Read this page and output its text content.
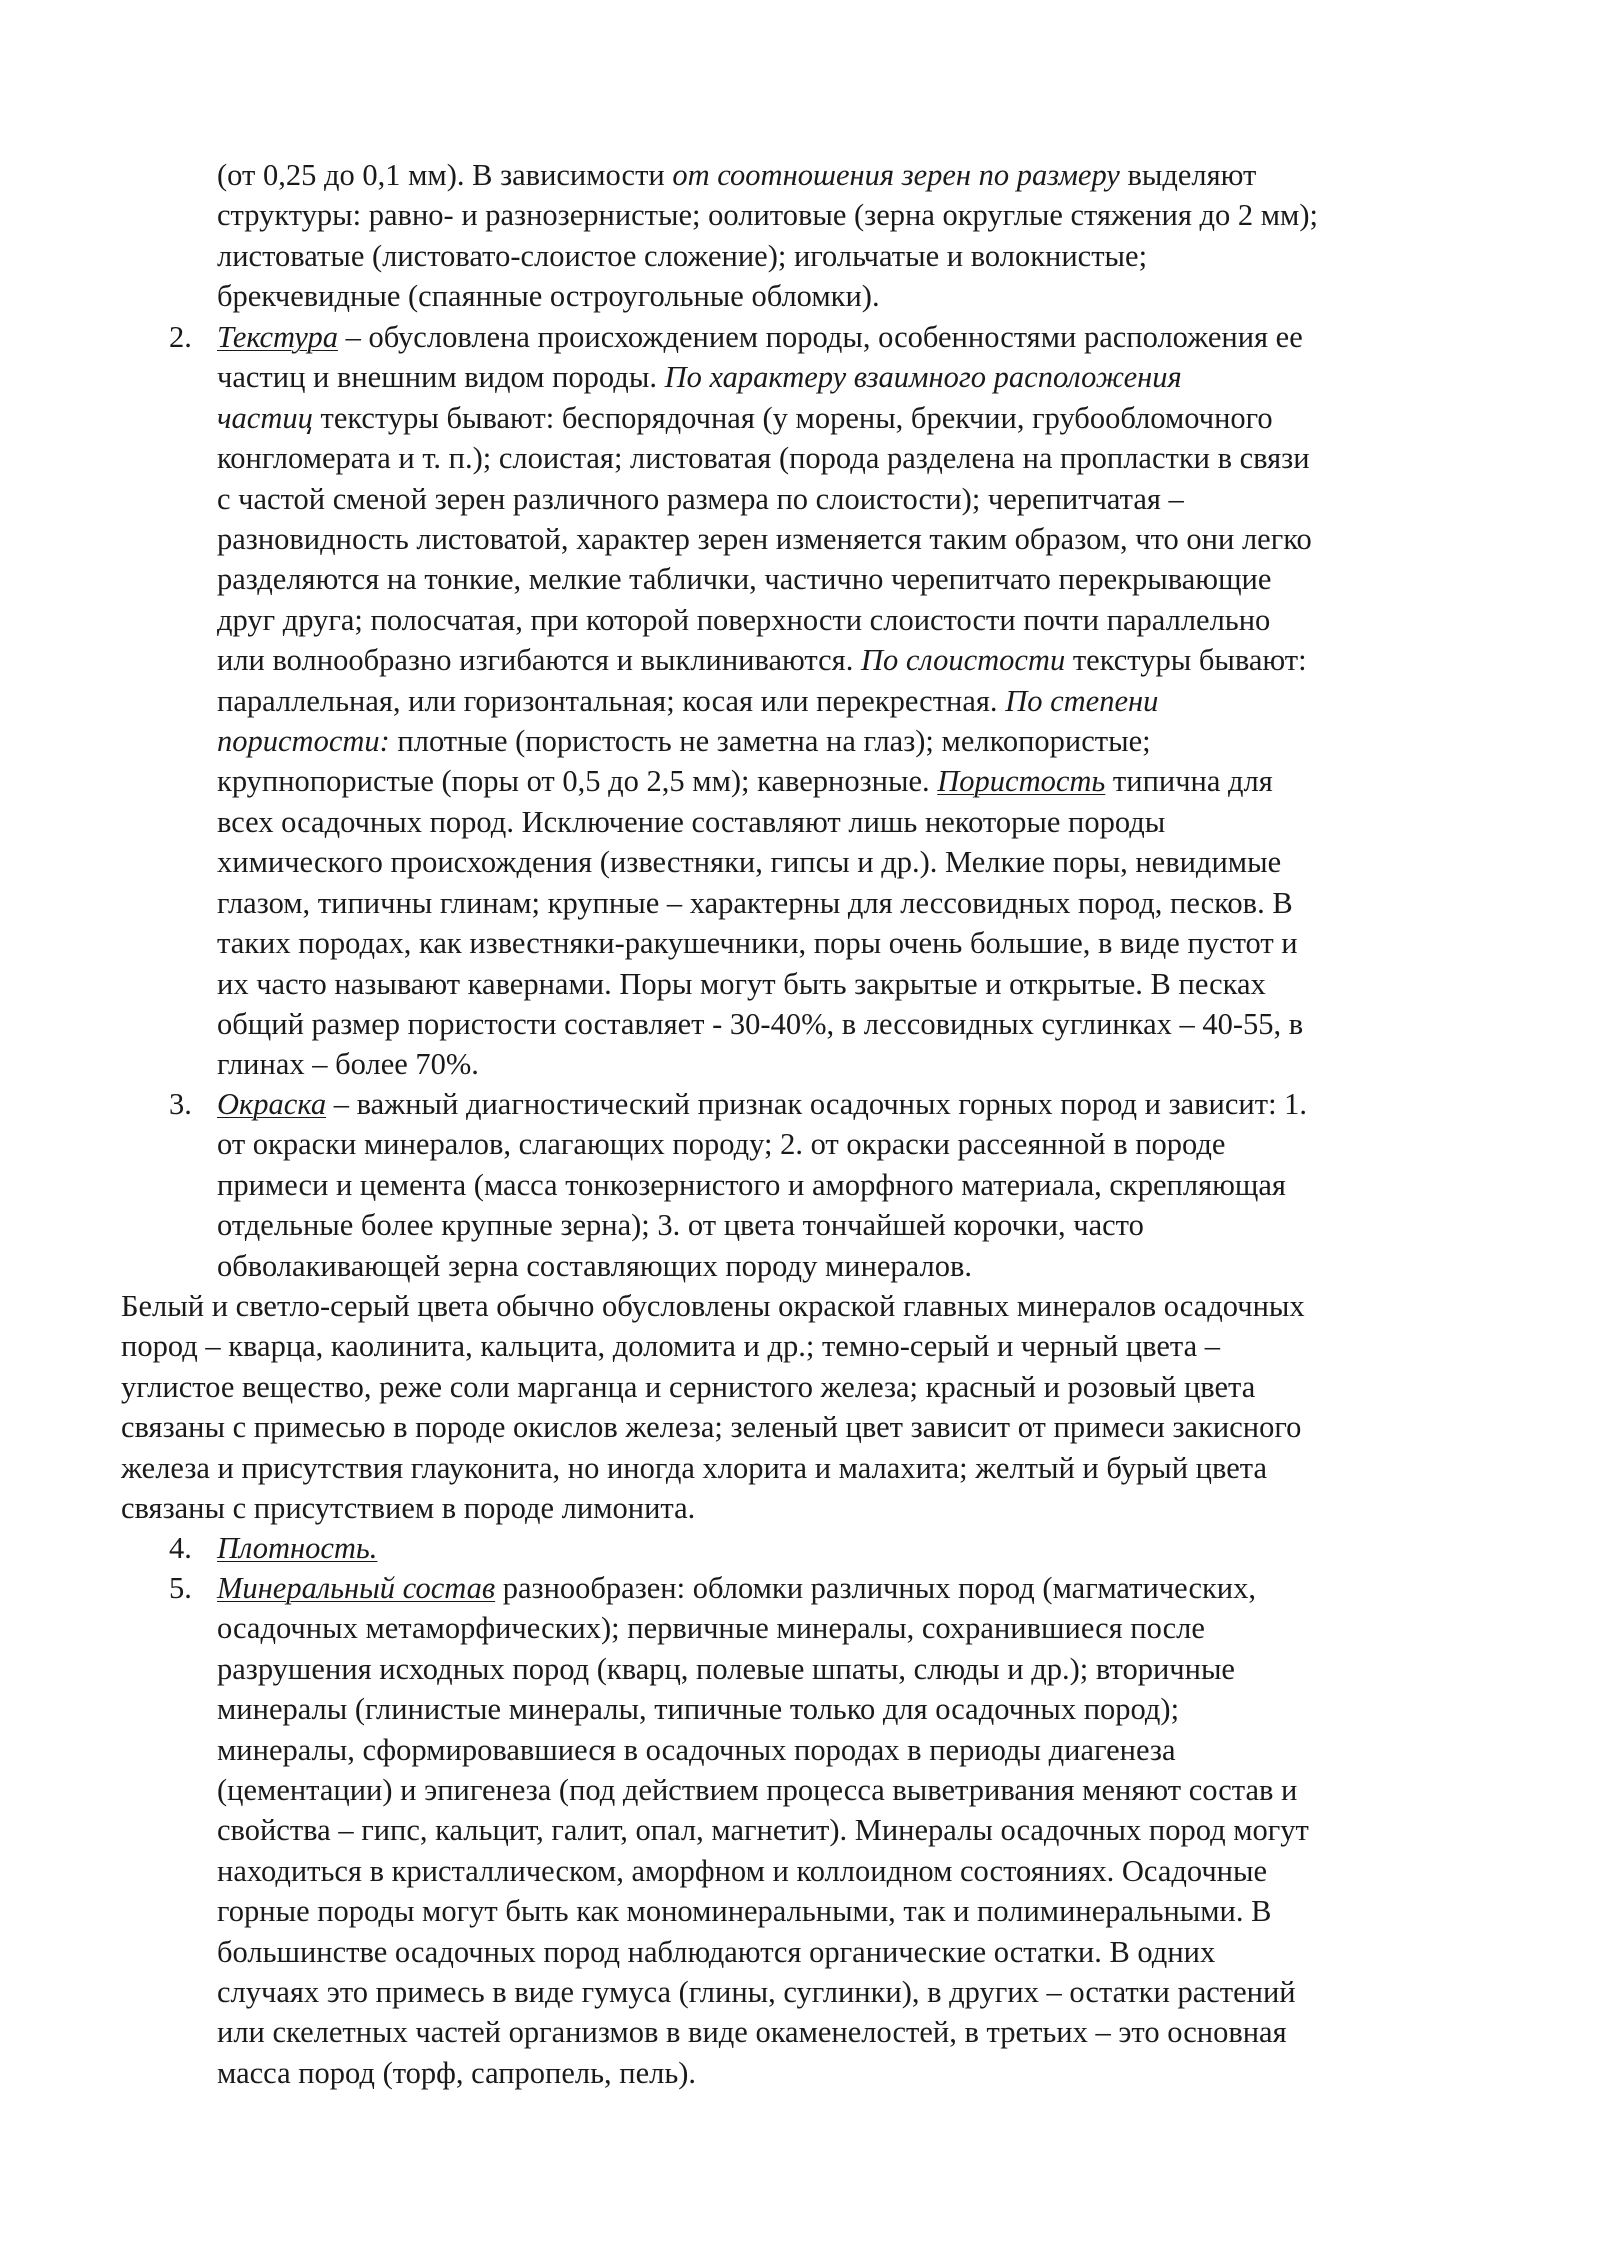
(от 0,25 до 0,1 мм). В зависимости от соотношения зерен по размеру выделяют
структуры: равно- и разнозернистые; оолитовые (зерна округлые стяжения до 2 мм);
листоватые (листовато-слоистое сложение); игольчатые и волокнистые;
брекчевидные (спаянные остроугольные обломки).
2. Текстура – обусловлена происхождением породы, особенностями расположения ее
частиц и внешним видом породы. По характеру взаимного расположения
частиц текстуры бывают: беспорядочная (у морены, брекчии, грубообломочного
конгломерата и т. п.); слоистая; листоватая (порода разделена на пропластки в связи
с частой сменой зерен различного размера по слоистости); черепитчатая –
разновидность листоватой, характер зерен изменяется таким образом, что они легко
разделяются на тонкие, мелкие таблички, частично черепитчато перекрывающие
друг друга; полосчатая, при которой поверхности слоистости почти параллельно
или волнообразно изгибаются и выклиниваются. По слоистости текстуры бывают:
параллельная, или горизонтальная; косая или перекрестная. По степени
пористости: плотные (пористость не заметна на глаз); мелкопористые;
крупнопористые (поры от 0,5 до 2,5 мм); кавернозные. Пористость типична для
всех осадочных пород. Исключение составляют лишь некоторые породы
химического происхождения (известняки, гипсы и др.). Мелкие поры, невидимые
глазом, типичны глинам; крупные – характерны для лессовидных пород, песков. В
таких породах, как известняки-ракушечники, поры очень большие, в виде пустот и
их часто называют кавернами. Поры могут быть закрытые и открытые. В песках
общий размер пористости составляет - 30-40%, в лессовидных суглинках – 40-55, в
глинах – более 70%.
3. Окраска – важный диагностический признак осадочных горных пород и зависит: 1.
от окраски минералов, слагающих породу; 2. от окраски рассеянной в породе
примеси и цемента (масса тонкозернистого и аморфного материала, скрепляющая
отдельные более крупные зерна); 3. от цвета тончайшей корочки, часто
обволакивающей зерна составляющих породу минералов.
Белый и светло-серый цвета обычно обусловлены окраской главных минералов осадочных
пород – кварца, каолинита, кальцита, доломита и др.; темно-серый и черный цвета –
углистое вещество, реже соли марганца и сернистого железа; красный и розовый цвета
связаны с примесью в породе окислов железа; зеленый цвет зависит от примеси закисного
железа и присутствия глауконита, но иногда хлорита и малахита; желтый и бурый цвета
связаны с присутствием в породе лимонита.
4. Плотность.
5. Минеральный состав разнообразен: обломки различных пород (магматических,
осадочных метаморфических); первичные минералы, сохранившиеся после
разрушения исходных пород (кварц, полевые шпаты, слюды и др.); вторичные
минералы (глинистые минералы, типичные только для осадочных пород);
минералы, сформировавшиеся в осадочных породах в периоды диагенеза
(цементации) и эпигенеза (под действием процесса выветривания меняют состав и
свойства – гипс, кальцит, галит, опал, магнетит). Минералы осадочных пород могут
находиться в кристаллическом, аморфном и коллоидном состояниях. Осадочные
горные породы могут быть как мономинеральными, так и полиминеральными. В
большинстве осадочных пород наблюдаются органические остатки. В одних
случаях это примесь в виде гумуса (глины, суглинки), в других – остатки растений
или скелетных частей организмов в виде окаменелостей, в третьих – это основная
масса пород (торф, сапропель, пель).
